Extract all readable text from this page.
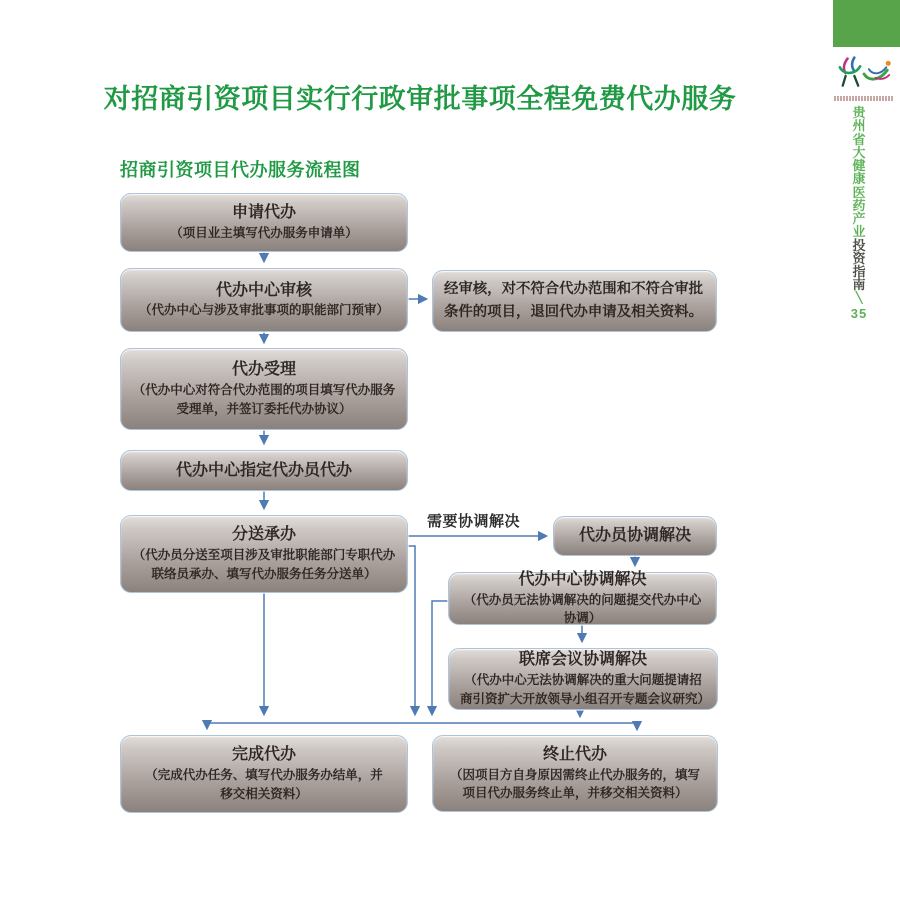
对招商引资项目实行行政审批事项全程免费代办服务
招商引资项目代办服务流程图
贵
州
省
大
健
康
医
药
产
业
投
资
指
南
╲
35
申请代办
（项目业主填写代办服务申请单）
代办中心审核
（代办中心与涉及审批事项的职能部门预审）
经审核，对不符合代办范围和不符合审批条件的项目，退回代办申请及相关资料。
代办受理
（代办中心对符合代办范围的项目填写代办服务受理单，并签订委托代办协议）
代办中心指定代办员代办
分送承办
（代办员分送至项目涉及审批职能部门专职代办联络员承办、填写代办服务任务分送单）
需要协调解决
代办员协调解决
代办中心协调解决
（代办员无法协调解决的问题提交代办中心协调）
联席会议协调解决
（代办中心无法协调解决的重大问题提请招商引资扩大开放领导小组召开专题会议研究）
完成代办
（完成代办任务、填写代办服务办结单，并移交相关资料）
终止代办
（因项目方自身原因需终止代办服务的，填写项目代办服务终止单，并移交相关资料）
